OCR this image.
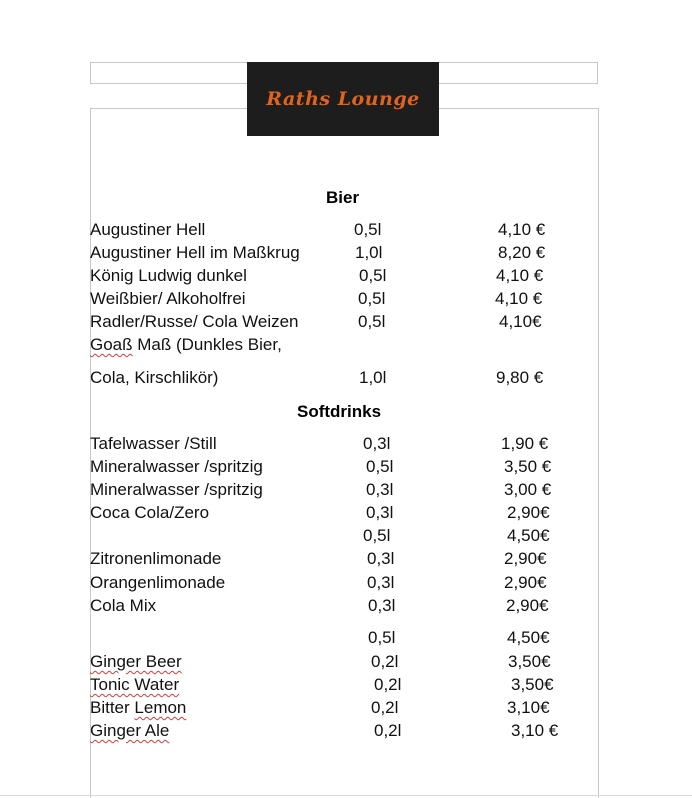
Raths Lounge
Bier
Augustiner Hell	0,5l	4,10 €
Augustiner Hell im Maßkrug	1,0l	8,20 €
König Ludwig dunkel	0,5l	4,10 €
Weißbier/ Alkoholfrei	0,5l	4,10 €
Radler/Russe/ Cola Weizen	0,5l	4,10€
Goaß Maß (Dunkles Bier,
Cola, Kirschlikör)	1,0l	9,80 €
Softdrinks
Tafelwasser /Still	0,3l	1,90 €
Mineralwasser /spritzig	0,5l	3,50 €
Mineralwasser /spritzig	0,3l	3,00 €
Coca Cola/Zero	0,3l	2,90€
0,5l	4,50€
Zitronenlimonade	0,3l	2,90€
Orangenlimonade	0,3l	2,90€
Cola Mix	0,3l	2,90€
0,5l	4,50€
Ginger Beer	0,2l	3,50€
Tonic Water	0,2l	3,50€
Bitter Lemon	0,2l	3,10€
Ginger Ale	0,2l	3,10 €
